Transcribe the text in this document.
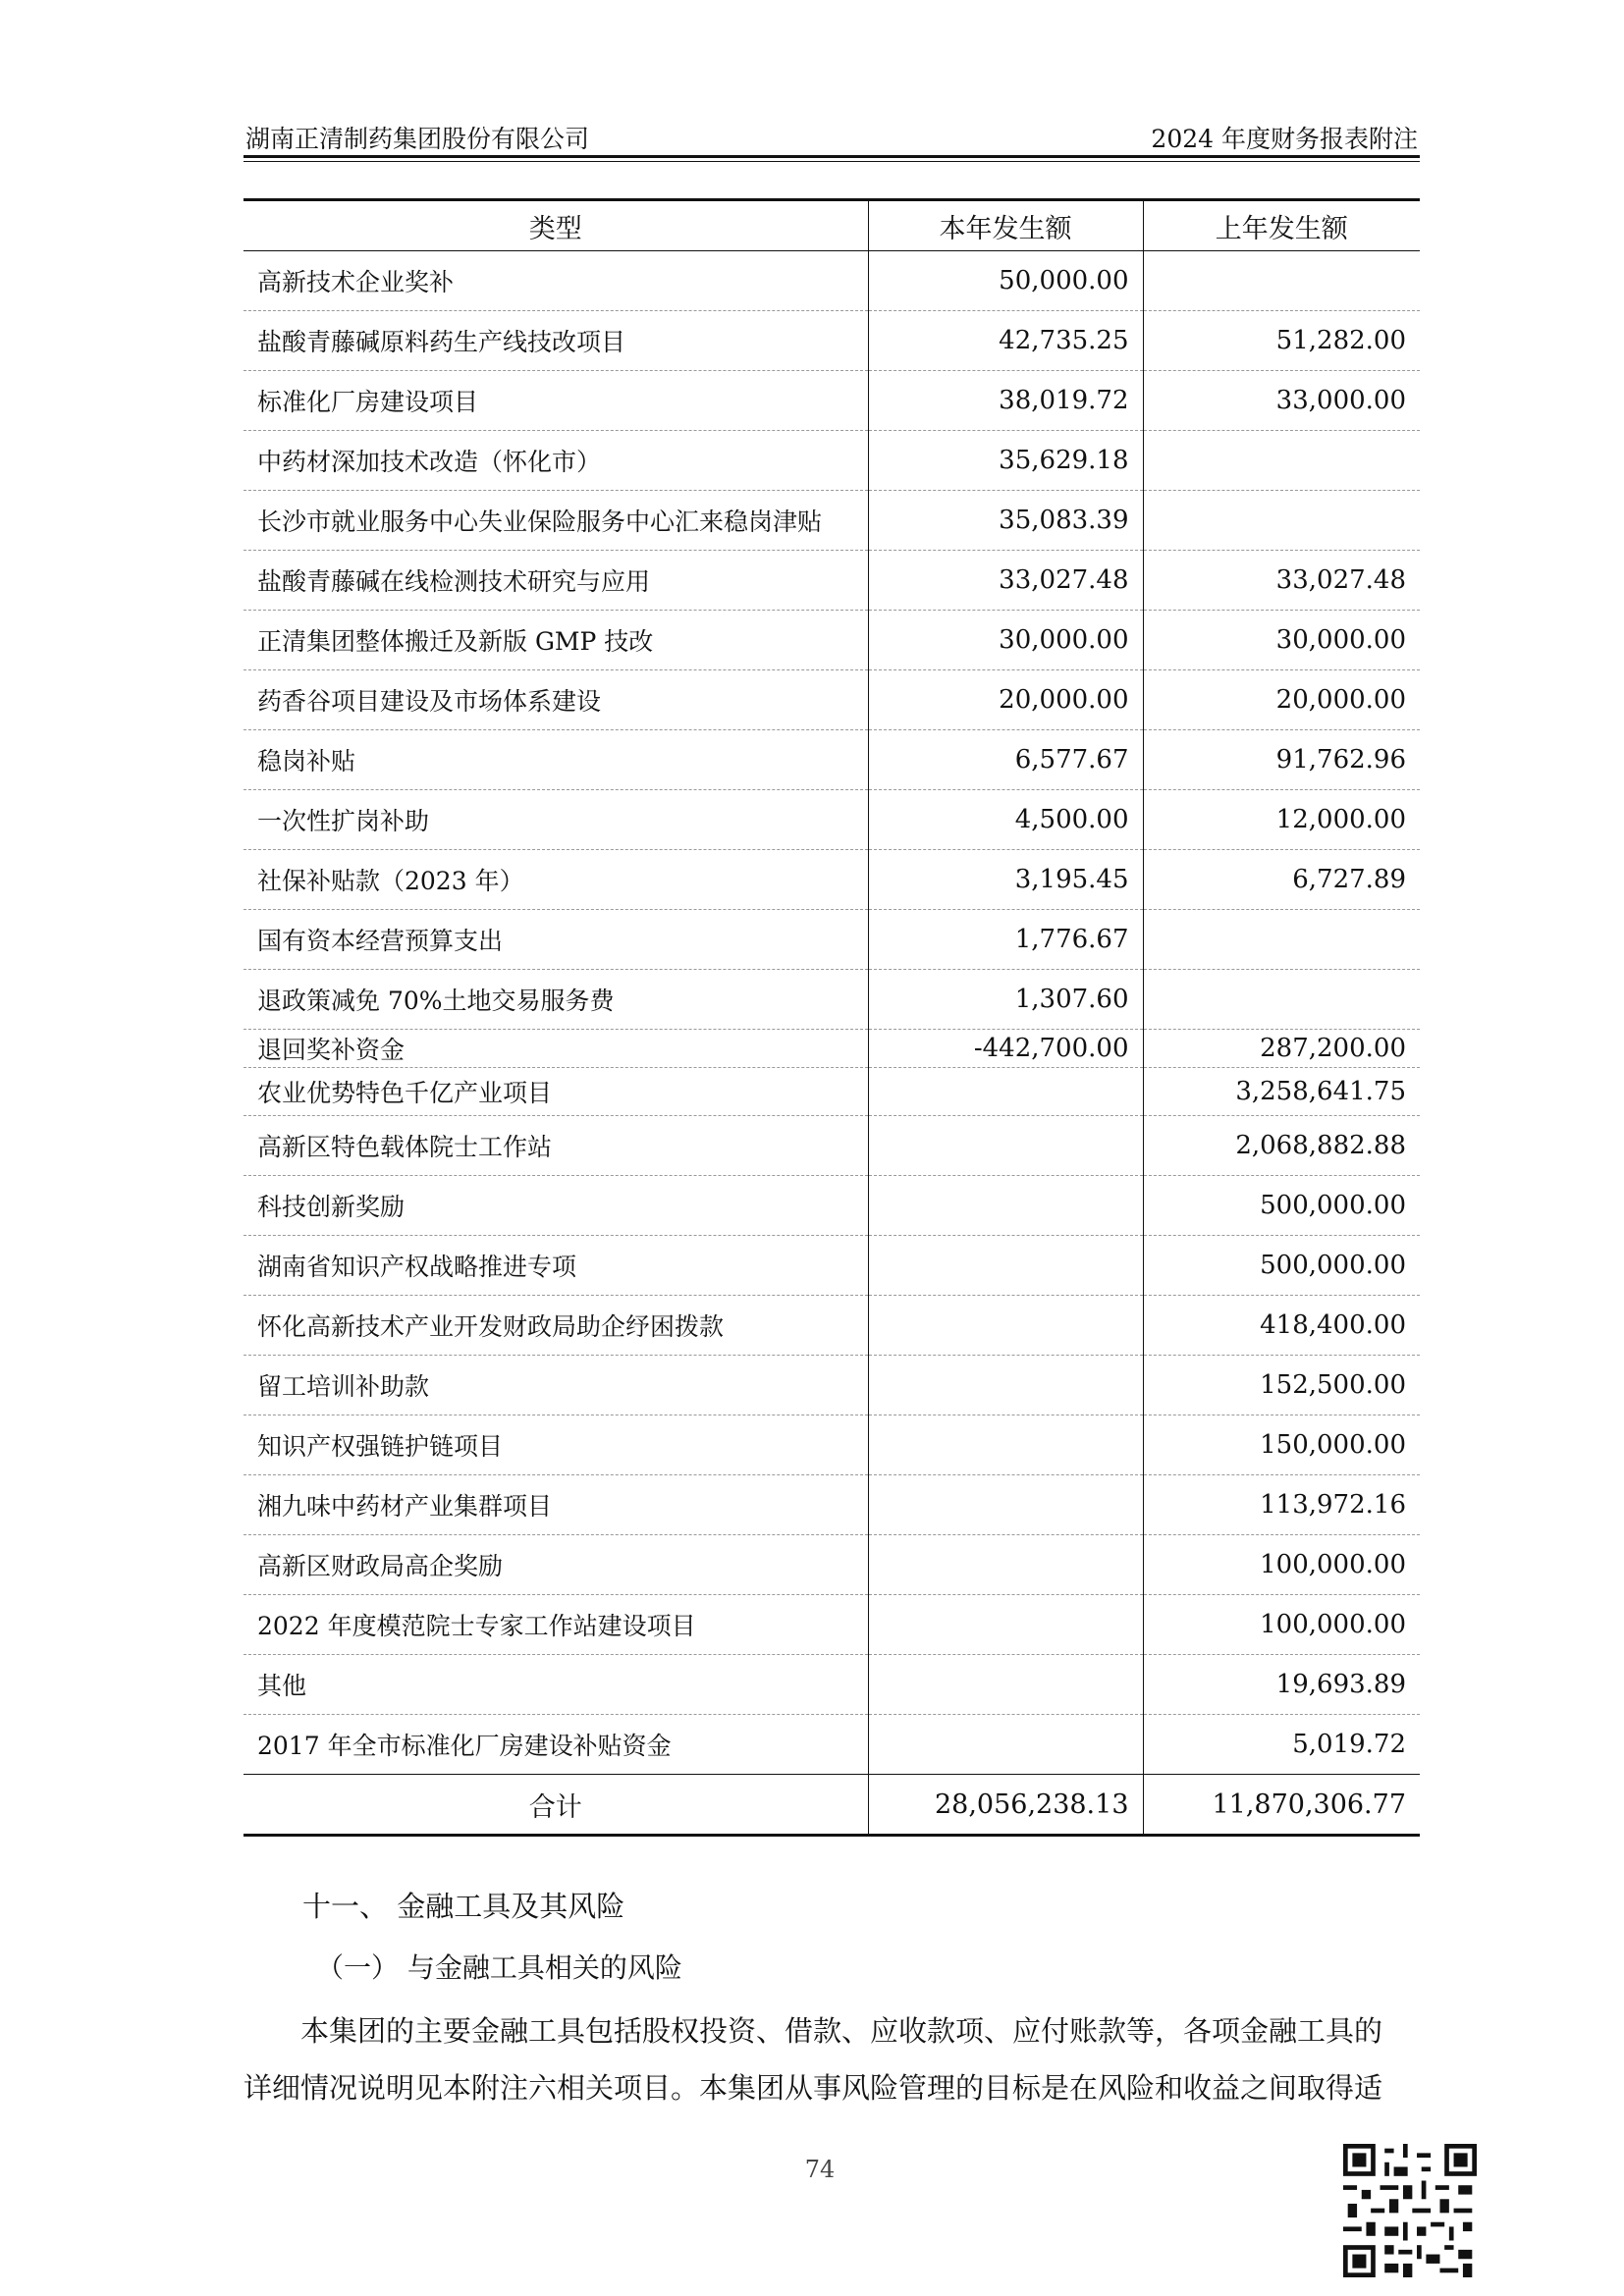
湖南正清制药集团股份有限公司	2024 年度财务报表附注
类型	本年发生额	上年发生额
高新技术企业奖补	50,000.00	
盐酸青藤碱原料药生产线技改项目	42,735.25	51,282.00
标准化厂房建设项目	38,019.72	33,000.00
中药材深加技术改造（怀化市）	35,629.18	
长沙市就业服务中心失业保险服务中心汇来稳岗津贴	35,083.39	
盐酸青藤碱在线检测技术研究与应用	33,027.48	33,027.48
正清集团整体搬迁及新版 GMP 技改	30,000.00	30,000.00
药香谷项目建设及市场体系建设	20,000.00	20,000.00
稳岗补贴	6,577.67	91,762.96
一次性扩岗补助	4,500.00	12,000.00
社保补贴款（2023 年）	3,195.45	6,727.89
国有资本经营预算支出	1,776.67	
退政策减免 70%土地交易服务费	1,307.60	
退回奖补资金	-442,700.00	287,200.00
农业优势特色千亿产业项目		3,258,641.75
高新区特色载体院士工作站		2,068,882.88
科技创新奖励		500,000.00
湖南省知识产权战略推进专项		500,000.00
怀化高新技术产业开发财政局助企纾困拨款		418,400.00
留工培训补助款		152,500.00
知识产权强链护链项目		150,000.00
湘九味中药材产业集群项目		113,972.16
高新区财政局高企奖励		100,000.00
2022 年度模范院士专家工作站建设项目		100,000.00
其他		19,693.89
2017 年全市标准化厂房建设补贴资金		5,019.72
合计	28,056,238.13	11,870,306.77
十一、 金融工具及其风险
（一） 与金融工具相关的风险
本集团的主要金融工具包括股权投资、借款、应收款项、应付账款等，各项金融工具的
详细情况说明见本附注六相关项目。本集团从事风险管理的目标是在风险和收益之间取得适
74
